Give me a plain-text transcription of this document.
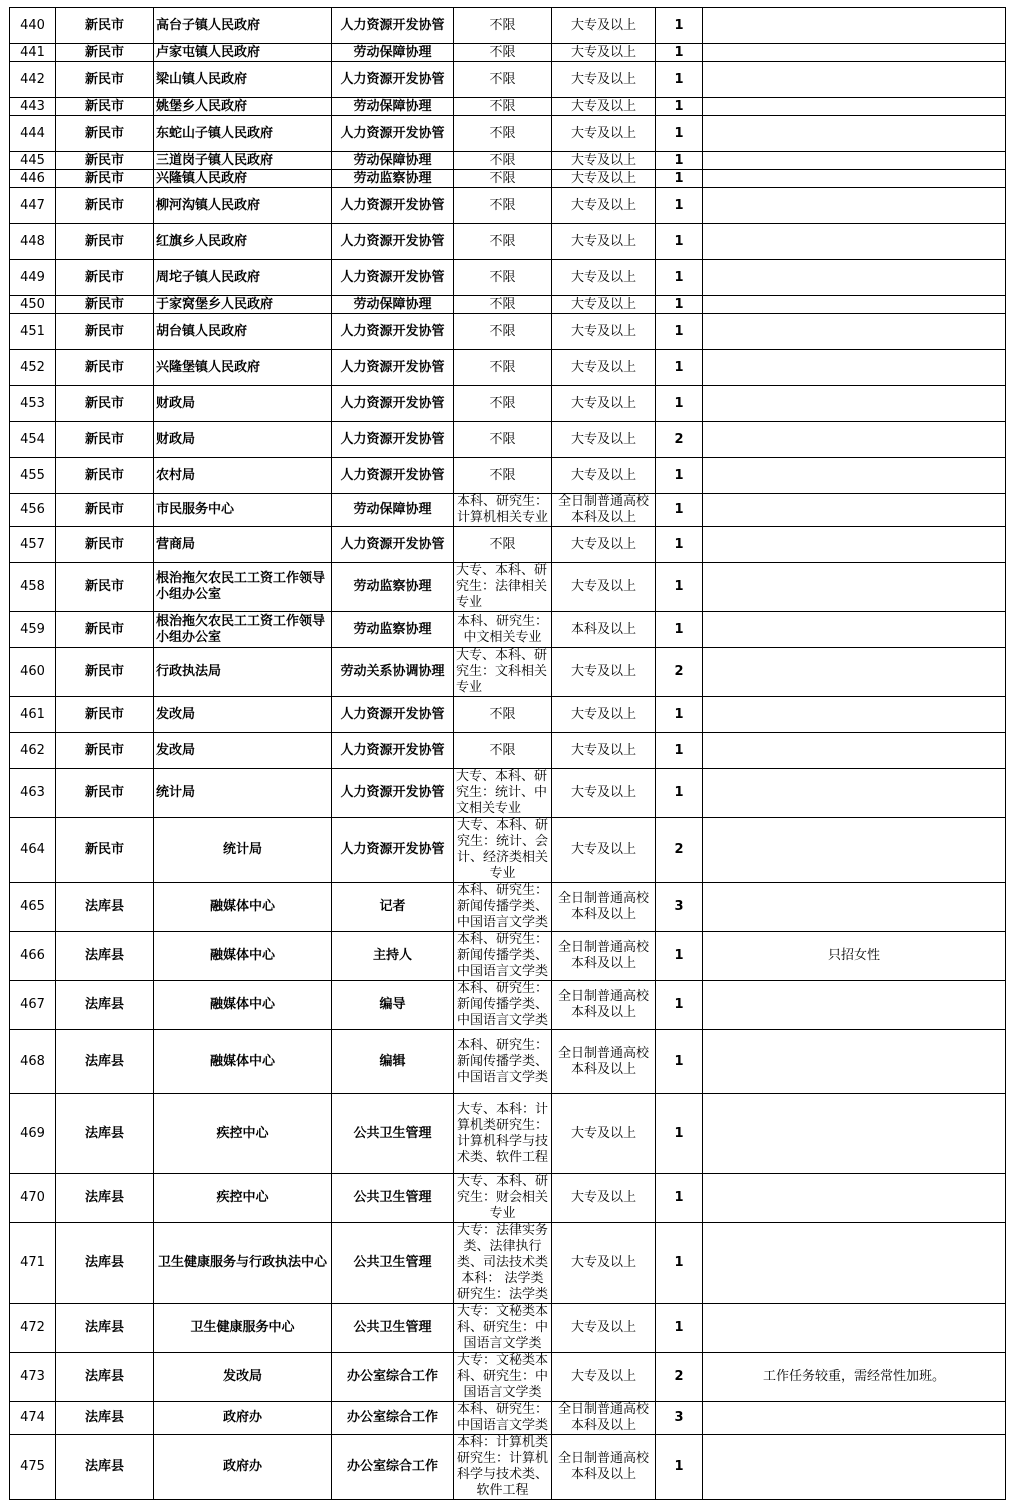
440	新民市	高台子镇人民政府	人力资源开发协管	不限	大专及以上	1	
441	新民市	卢家屯镇人民政府	劳动保障协理	不限	大专及以上	1	
442	新民市	梁山镇人民政府	人力资源开发协管	不限	大专及以上	1	
443	新民市	姚堡乡人民政府	劳动保障协理	不限	大专及以上	1	
444	新民市	东蛇山子镇人民政府	人力资源开发协管	不限	大专及以上	1	
445	新民市	三道岗子镇人民政府	劳动保障协理	不限	大专及以上	1	
446	新民市	兴隆镇人民政府	劳动监察协理	不限	大专及以上	1	
447	新民市	柳河沟镇人民政府	人力资源开发协管	不限	大专及以上	1	
448	新民市	红旗乡人民政府	人力资源开发协管	不限	大专及以上	1	
449	新民市	周坨子镇人民政府	人力资源开发协管	不限	大专及以上	1	
450	新民市	于家窝堡乡人民政府	劳动保障协理	不限	大专及以上	1	
451	新民市	胡台镇人民政府	人力资源开发协管	不限	大专及以上	1	
452	新民市	兴隆堡镇人民政府	人力资源开发协管	不限	大专及以上	1	
453	新民市	财政局	人力资源开发协管	不限	大专及以上	1	
454	新民市	财政局	人力资源开发协管	不限	大专及以上	2	
455	新民市	农村局	人力资源开发协管	不限	大专及以上	1	
456	新民市	市民服务中心	劳动保障协理	本科、研究生：计算机相关专业	全日制普通高校本科及以上	1	
457	新民市	营商局	人力资源开发协管	不限	大专及以上	1	
458	新民市	根治拖欠农民工工资工作领导小组办公室	劳动监察协理	大专、本科、研究生：法律相关专业	大专及以上	1	
459	新民市	根治拖欠农民工工资工作领导小组办公室	劳动监察协理	本科、研究生：中文相关专业	本科及以上	1	
460	新民市	行政执法局	劳动关系协调协理	大专、本科、研究生：文科相关专业	大专及以上	2	
461	新民市	发改局	人力资源开发协管	不限	大专及以上	1	
462	新民市	发改局	人力资源开发协管	不限	大专及以上	1	
463	新民市	统计局	人力资源开发协管	大专、本科、研究生：统计、中文相关专业	大专及以上	1	
464	新民市	统计局	人力资源开发协管	大专、本科、研究生：统计、会计、经济类相关专业	大专及以上	2	
465	法库县	融媒体中心	记者	本科、研究生：新闻传播学类、中国语言文学类	全日制普通高校本科及以上	3	
466	法库县	融媒体中心	主持人	本科、研究生：新闻传播学类、中国语言文学类	全日制普通高校本科及以上	1	只招女性
467	法库县	融媒体中心	编导	本科、研究生：新闻传播学类、中国语言文学类	全日制普通高校本科及以上	1	
468	法库县	融媒体中心	编辑	本科、研究生：新闻传播学类、中国语言文学类	全日制普通高校本科及以上	1	
469	法库县	疾控中心	公共卫生管理	大专、本科：计算机类研究生：计算机科学与技术类、软件工程	大专及以上	1	
470	法库县	疾控中心	公共卫生管理	大专、本科、研究生：财会相关专业	大专及以上	1	
471	法库县	卫生健康服务与行政执法中心	公共卫生管理	大专：法律实务类、法律执行类、司法技术类本科： 法学类研究生：法学类	大专及以上	1	
472	法库县	卫生健康服务中心	公共卫生管理	大专：文秘类本科、研究生：中国语言文学类	大专及以上	1	
473	法库县	发改局	办公室综合工作	大专：文秘类本科、研究生：中国语言文学类	大专及以上	2	工作任务较重，需经常性加班。
474	法库县	政府办	办公室综合工作	本科、研究生：中国语言文学类	全日制普通高校本科及以上	3	
475	法库县	政府办	办公室综合工作	本科：计算机类研究生：计算机科学与技术类、软件工程	全日制普通高校本科及以上	1	
